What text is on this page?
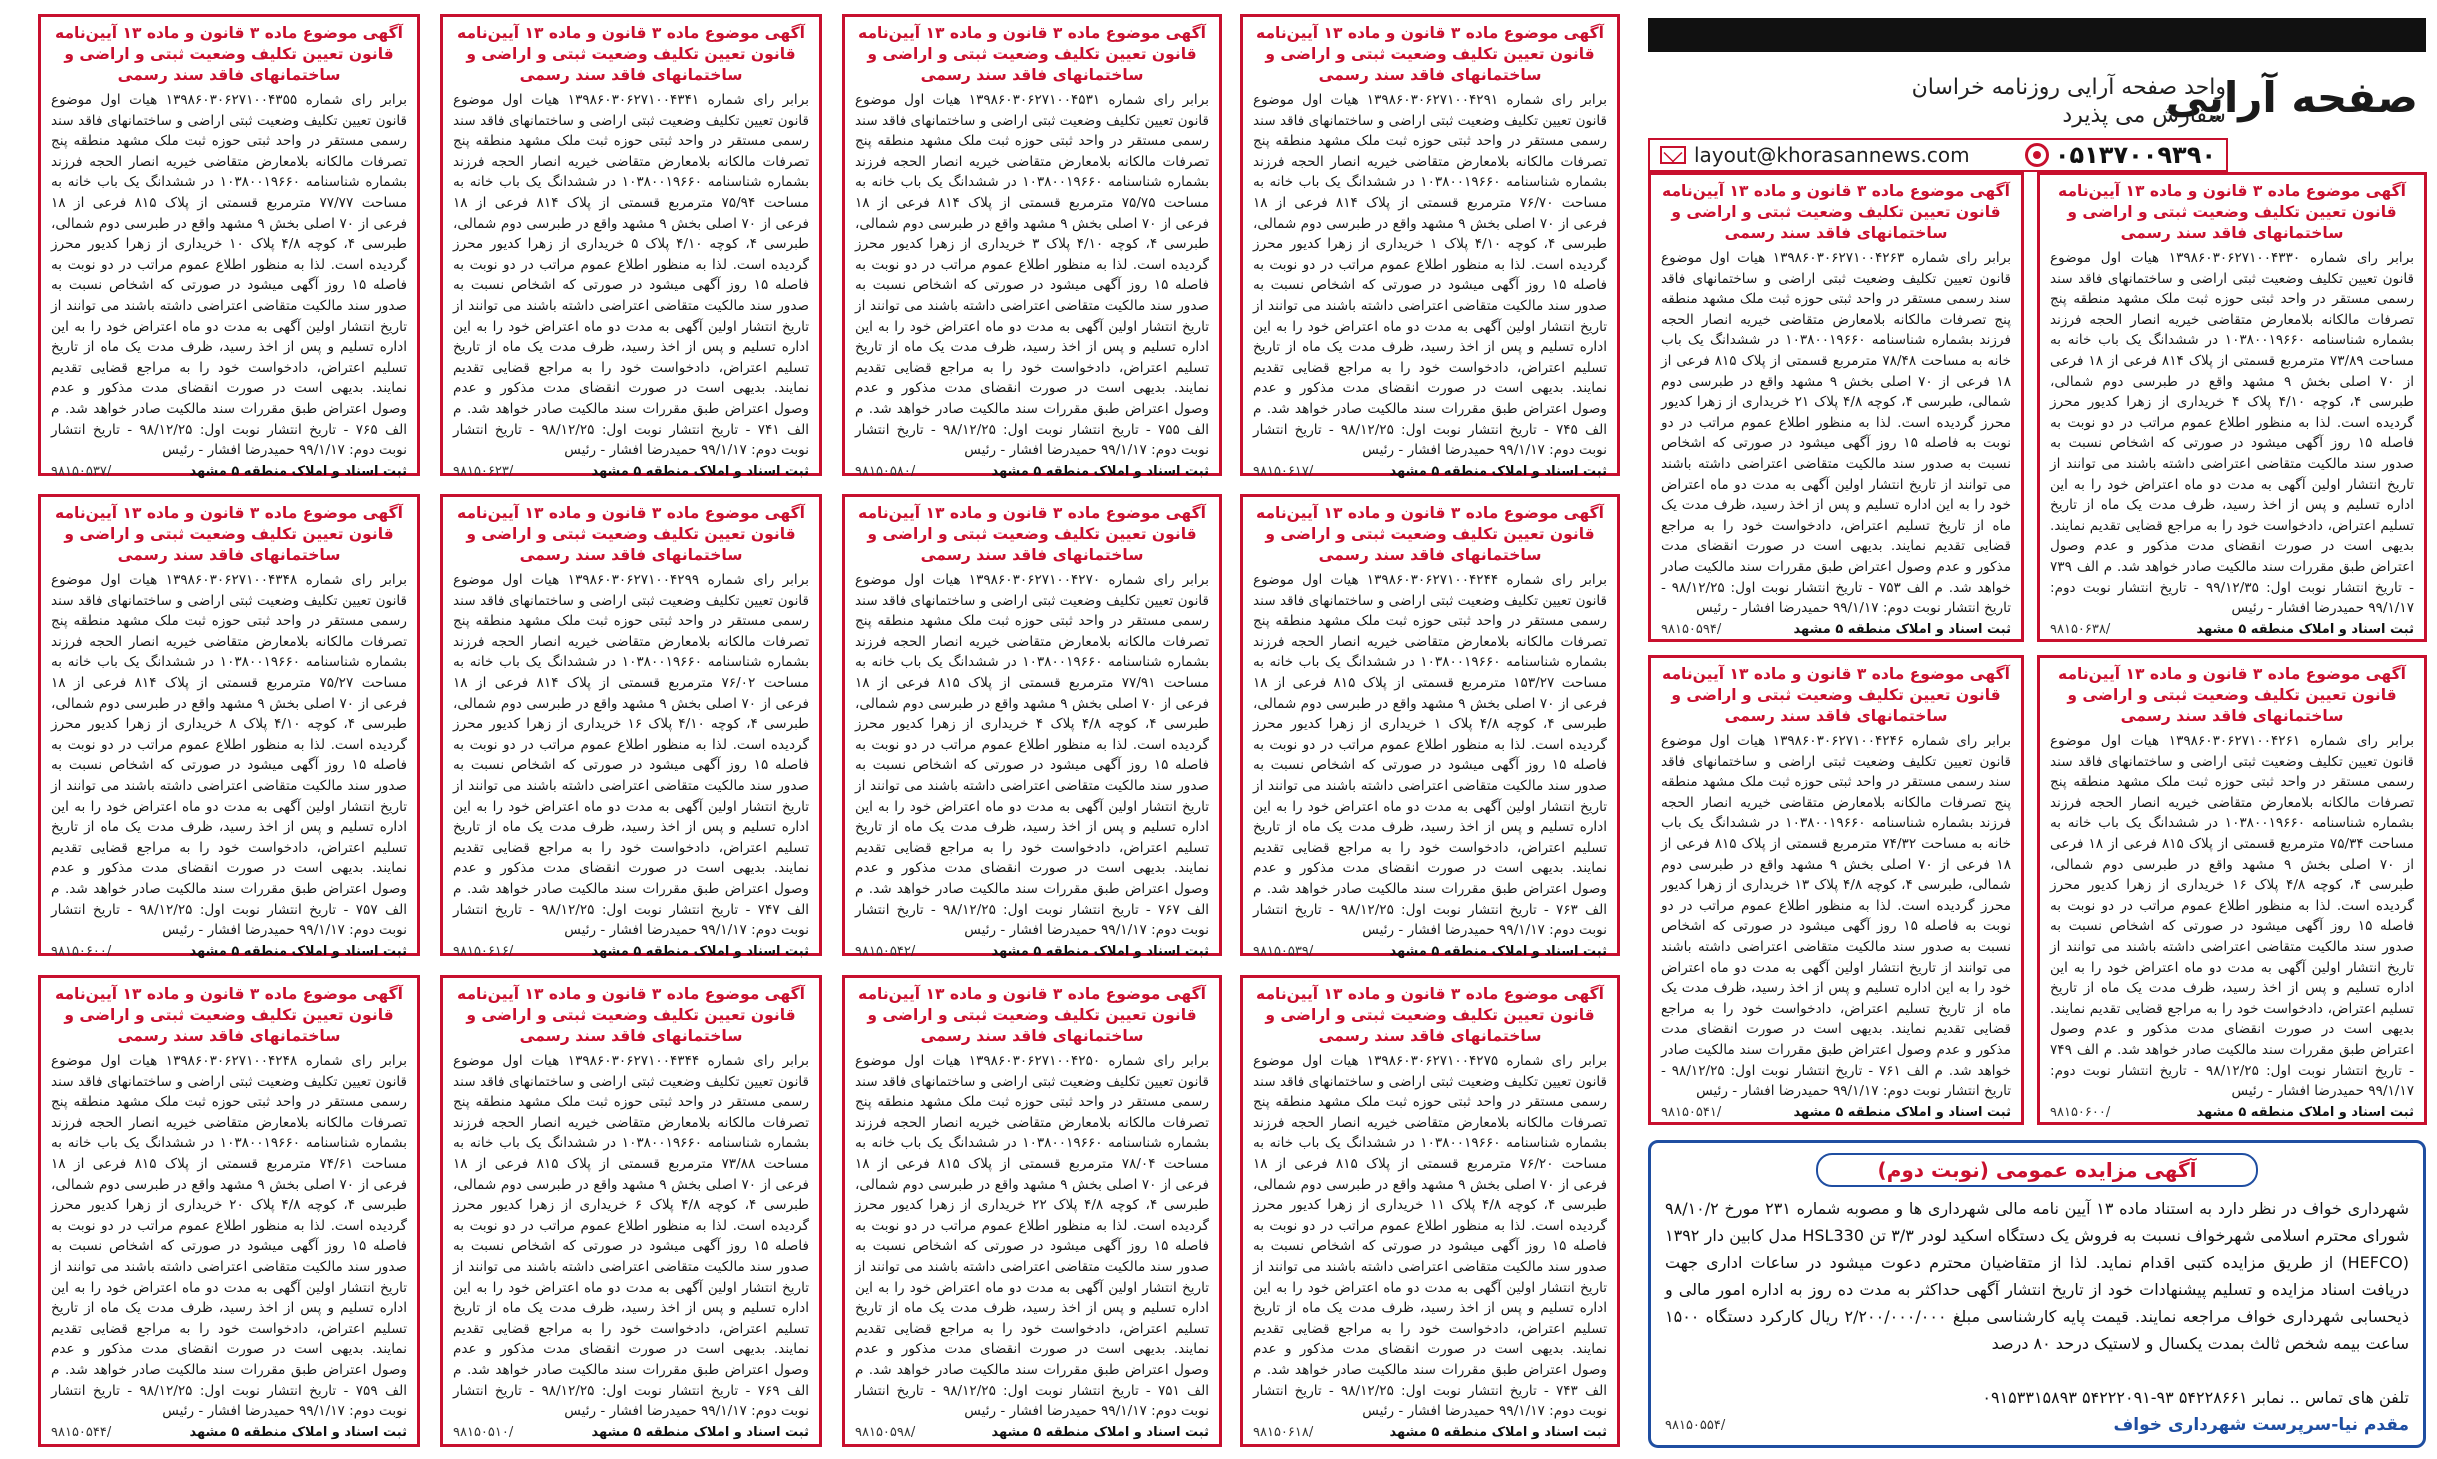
صفحه آرایی
واحد صفحه آرایی روزنامه خراسان
سفارش می پذیرد
layout@khorasannews.com	۰۵۱۳۷۰۰۹۳۹۰
آگهی موضوع ماده ۳ قانون و ماده ۱۳ آیین‌نامه قانون تعیین تکلیف وضعیت ثبتی و اراضی و ساختمانهای فاقد سند رسمی
برابر رای شماره ۱۳۹۸۶۰۳۰۶۲۷۱۰۰۴۳۳۰ هیات اول موضوع قانون تعیین تکلیف وضعیت ثبتی اراضی و ساختمانهای فاقد سند رسمی مستقر در واحد ثبتی حوزه ثبت ملک مشهد منطقه پنج تصرفات مالکانه بلامعارض متقاضی خیریه انصار الحجه فرزند بشماره شناسنامه ۱۰۳۸۰۰۱۹۶۶۰ در ششدانگ یک باب خانه به مساحت ۷۳/۸۹ مترمربع قسمتی از پلاک ۸۱۴ فرعی از ۱۸ فرعی از ۷۰ اصلی بخش ۹ مشهد واقع در طبرسی دوم شمالی، طبرسی ۴، کوچه ۴/۱۰ پلاک ۴ خریداری از زهرا کدیور محرز گردیده است. لذا به منظور اطلاع عموم مراتب در دو نوبت به فاصله ۱۵ روز آگهی میشود در صورتی که اشخاص نسبت به صدور سند مالکیت متقاضی اعتراضی داشته باشند می توانند از تاریخ انتشار اولین آگهی به مدت دو ماه اعتراض خود را به این اداره تسلیم و پس از اخذ رسید، ظرف مدت یک ماه از تاریخ تسلیم اعتراض، دادخواست خود را به مراجع قضایی تقدیم نمایند. بدیهی است در صورت انقضای مدت مذکور و عدم وصول اعتراض طبق مقررات سند مالکیت صادر خواهد شد. م الف ۷۳۹ - تاریخ انتشار نوبت اول: ۹۹/۱۲/۳۵ - تاریخ انتشار نوبت دوم: ۹۹/۱/۱۷ حمیدرضا افشار - رئیس
ثبت اسناد و املاک منطقه ۵ مشهد
۹۸۱۵۰۶۳۸/
آگهی موضوع ماده ۳ قانون و ماده ۱۳ آیین‌نامه قانون تعیین تکلیف وضعیت ثبتی و اراضی و ساختمانهای فاقد سند رسمی
برابر رای شماره ۱۳۹۸۶۰۳۰۶۲۷۱۰۰۴۲۶۳ هیات اول موضوع قانون تعیین تکلیف وضعیت ثبتی اراضی و ساختمانهای فاقد سند رسمی مستقر در واحد ثبتی حوزه ثبت ملک مشهد منطقه پنج تصرفات مالکانه بلامعارض متقاضی خیریه انصار الحجه فرزند بشماره شناسنامه ۱۰۳۸۰۰۱۹۶۶۰ در ششدانگ یک باب خانه به مساحت ۷۸/۴۸ مترمربع قسمتی از پلاک ۸۱۵ فرعی از ۱۸ فرعی از ۷۰ اصلی بخش ۹ مشهد واقع در طبرسی دوم شمالی، طبرسی ۴، کوچه ۴/۸ پلاک ۲۱ خریداری از زهرا کدیور محرز گردیده است. لذا به منظور اطلاع عموم مراتب در دو نوبت به فاصله ۱۵ روز آگهی میشود در صورتی که اشخاص نسبت به صدور سند مالکیت متقاضی اعتراضی داشته باشند می توانند از تاریخ انتشار اولین آگهی به مدت دو ماه اعتراض خود را به این اداره تسلیم و پس از اخذ رسید، ظرف مدت یک ماه از تاریخ تسلیم اعتراض، دادخواست خود را به مراجع قضایی تقدیم نمایند. بدیهی است در صورت انقضای مدت مذکور و عدم وصول اعتراض طبق مقررات سند مالکیت صادر خواهد شد. م الف ۷۵۳ - تاریخ انتشار نوبت اول: ۹۸/۱۲/۲۵ - تاریخ انتشار نوبت دوم: ۹۹/۱/۱۷ حمیدرضا افشار - رئیس
ثبت اسناد و املاک منطقه ۵ مشهد
۹۸۱۵۰۵۹۴/
آگهی موضوع ماده ۳ قانون و ماده ۱۳ آیین‌نامه قانون تعیین تکلیف وضعیت ثبتی و اراضی و ساختمانهای فاقد سند رسمی
برابر رای شماره ۱۳۹۸۶۰۳۰۶۲۷۱۰۰۴۲۶۱ هیات اول موضوع قانون تعیین تکلیف وضعیت ثبتی اراضی و ساختمانهای فاقد سند رسمی مستقر در واحد ثبتی حوزه ثبت ملک مشهد منطقه پنج تصرفات مالکانه بلامعارض متقاضی خیریه انصار الحجه فرزند بشماره شناسنامه ۱۰۳۸۰۰۱۹۶۶۰ در ششدانگ یک باب خانه به مساحت ۷۵/۳۴ مترمربع قسمتی از پلاک ۸۱۵ فرعی از ۱۸ فرعی از ۷۰ اصلی بخش ۹ مشهد واقع در طبرسی دوم شمالی، طبرسی ۴، کوچه ۴/۸ پلاک ۱۶ خریداری از زهرا کدیور محرز گردیده است. لذا به منظور اطلاع عموم مراتب در دو نوبت به فاصله ۱۵ روز آگهی میشود در صورتی که اشخاص نسبت به صدور سند مالکیت متقاضی اعتراضی داشته باشند می توانند از تاریخ انتشار اولین آگهی به مدت دو ماه اعتراض خود را به این اداره تسلیم و پس از اخذ رسید، ظرف مدت یک ماه از تاریخ تسلیم اعتراض، دادخواست خود را به مراجع قضایی تقدیم نمایند. بدیهی است در صورت انقضای مدت مذکور و عدم وصول اعتراض طبق مقررات سند مالکیت صادر خواهد شد. م الف ۷۴۹ - تاریخ انتشار نوبت اول: ۹۸/۱۲/۲۵ - تاریخ انتشار نوبت دوم: ۹۹/۱/۱۷ حمیدرضا افشار - رئیس
ثبت اسناد و املاک منطقه ۵ مشهد
۹۸۱۵۰۶۰۰/
آگهی موضوع ماده ۳ قانون و ماده ۱۳ آیین‌نامه قانون تعیین تکلیف وضعیت ثبتی و اراضی و ساختمانهای فاقد سند رسمی
برابر رای شماره ۱۳۹۸۶۰۳۰۶۲۷۱۰۰۴۲۴۶ هیات اول موضوع قانون تعیین تکلیف وضعیت ثبتی اراضی و ساختمانهای فاقد سند رسمی مستقر در واحد ثبتی حوزه ثبت ملک مشهد منطقه پنج تصرفات مالکانه بلامعارض متقاضی خیریه انصار الحجه فرزند بشماره شناسنامه ۱۰۳۸۰۰۱۹۶۶۰ در ششدانگ یک باب خانه به مساحت ۷۴/۳۲ مترمربع قسمتی از پلاک ۸۱۵ فرعی از ۱۸ فرعی از ۷۰ اصلی بخش ۹ مشهد واقع در طبرسی دوم شمالی، طبرسی ۴، کوچه ۴/۸ پلاک ۱۳ خریداری از زهرا کدیور محرز گردیده است. لذا به منظور اطلاع عموم مراتب در دو نوبت به فاصله ۱۵ روز آگهی میشود در صورتی که اشخاص نسبت به صدور سند مالکیت متقاضی اعتراضی داشته باشند می توانند از تاریخ انتشار اولین آگهی به مدت دو ماه اعتراض خود را به این اداره تسلیم و پس از اخذ رسید، ظرف مدت یک ماه از تاریخ تسلیم اعتراض، دادخواست خود را به مراجع قضایی تقدیم نمایند. بدیهی است در صورت انقضای مدت مذکور و عدم وصول اعتراض طبق مقررات سند مالکیت صادر خواهد شد. م الف ۷۶۱ - تاریخ انتشار نوبت اول: ۹۸/۱۲/۲۵ - تاریخ انتشار نوبت دوم: ۹۹/۱/۱۷ حمیدرضا افشار - رئیس
ثبت اسناد و املاک منطقه ۵ مشهد
۹۸۱۵۰۵۴۱/
آگهی موضوع ماده ۳ قانون و ماده ۱۳ آیین‌نامه قانون تعیین تکلیف وضعیت ثبتی و اراضی و ساختمانهای فاقد سند رسمی
برابر رای شماره ۱۳۹۸۶۰۳۰۶۲۷۱۰۰۴۲۹۱ هیات اول موضوع قانون تعیین تکلیف وضعیت ثبتی اراضی و ساختمانهای فاقد سند رسمی مستقر در واحد ثبتی حوزه ثبت ملک مشهد منطقه پنج تصرفات مالکانه بلامعارض متقاضی خیریه انصار الحجه فرزند بشماره شناسنامه ۱۰۳۸۰۰۱۹۶۶۰ در ششدانگ یک باب خانه به مساحت ۷۶/۷۰ مترمربع قسمتی از پلاک ۸۱۴ فرعی از ۱۸ فرعی از ۷۰ اصلی بخش ۹ مشهد واقع در طبرسی دوم شمالی، طبرسی ۴، کوچه ۴/۱۰ پلاک ۱ خریداری از زهرا کدیور محرز گردیده است. لذا به منظور اطلاع عموم مراتب در دو نوبت به فاصله ۱۵ روز آگهی میشود در صورتی که اشخاص نسبت به صدور سند مالکیت متقاضی اعتراضی داشته باشند می توانند از تاریخ انتشار اولین آگهی به مدت دو ماه اعتراض خود را به این اداره تسلیم و پس از اخذ رسید، ظرف مدت یک ماه از تاریخ تسلیم اعتراض، دادخواست خود را به مراجع قضایی تقدیم نمایند. بدیهی است در صورت انقضای مدت مذکور و عدم وصول اعتراض طبق مقررات سند مالکیت صادر خواهد شد. م الف ۷۴۵ - تاریخ انتشار نوبت اول: ۹۸/۱۲/۲۵ - تاریخ انتشار نوبت دوم: ۹۹/۱/۱۷ حمیدرضا افشار - رئیس
ثبت اسناد و املاک منطقه ۵ مشهد
۹۸۱۵۰۶۱۷/
آگهی موضوع ماده ۳ قانون و ماده ۱۳ آیین‌نامه قانون تعیین تکلیف وضعیت ثبتی و اراضی و ساختمانهای فاقد سند رسمی
برابر رای شماره ۱۳۹۸۶۰۳۰۶۲۷۱۰۰۴۵۳۱ هیات اول موضوع قانون تعیین تکلیف وضعیت ثبتی اراضی و ساختمانهای فاقد سند رسمی مستقر در واحد ثبتی حوزه ثبت ملک مشهد منطقه پنج تصرفات مالکانه بلامعارض متقاضی خیریه انصار الحجه فرزند بشماره شناسنامه ۱۰۳۸۰۰۱۹۶۶۰ در ششدانگ یک باب خانه به مساحت ۷۵/۷۵ مترمربع قسمتی از پلاک ۸۱۴ فرعی از ۱۸ فرعی از ۷۰ اصلی بخش ۹ مشهد واقع در طبرسی دوم شمالی، طبرسی ۴، کوچه ۴/۱۰ پلاک ۳ خریداری از زهرا کدیور محرز گردیده است. لذا به منظور اطلاع عموم مراتب در دو نوبت به فاصله ۱۵ روز آگهی میشود در صورتی که اشخاص نسبت به صدور سند مالکیت متقاضی اعتراضی داشته باشند می توانند از تاریخ انتشار اولین آگهی به مدت دو ماه اعتراض خود را به این اداره تسلیم و پس از اخذ رسید، ظرف مدت یک ماه از تاریخ تسلیم اعتراض، دادخواست خود را به مراجع قضایی تقدیم نمایند. بدیهی است در صورت انقضای مدت مذکور و عدم وصول اعتراض طبق مقررات سند مالکیت صادر خواهد شد. م الف ۷۵۵ - تاریخ انتشار نوبت اول: ۹۸/۱۲/۲۵ - تاریخ انتشار نوبت دوم: ۹۹/۱/۱۷ حمیدرضا افشار - رئیس
ثبت اسناد و املاک منطقه ۵ مشهد
۹۸۱۵۰۵۸۰/
آگهی موضوع ماده ۳ قانون و ماده ۱۳ آیین‌نامه قانون تعیین تکلیف وضعیت ثبتی و اراضی و ساختمانهای فاقد سند رسمی
برابر رای شماره ۱۳۹۸۶۰۳۰۶۲۷۱۰۰۴۳۴۱ هیات اول موضوع قانون تعیین تکلیف وضعیت ثبتی اراضی و ساختمانهای فاقد سند رسمی مستقر در واحد ثبتی حوزه ثبت ملک مشهد منطقه پنج تصرفات مالکانه بلامعارض متقاضی خیریه انصار الحجه فرزند بشماره شناسنامه ۱۰۳۸۰۰۱۹۶۶۰ در ششدانگ یک باب خانه به مساحت ۷۵/۹۴ مترمربع قسمتی از پلاک ۸۱۴ فرعی از ۱۸ فرعی از ۷۰ اصلی بخش ۹ مشهد واقع در طبرسی دوم شمالی، طبرسی ۴، کوچه ۴/۱۰ پلاک ۵ خریداری از زهرا کدیور محرز گردیده است. لذا به منظور اطلاع عموم مراتب در دو نوبت به فاصله ۱۵ روز آگهی میشود در صورتی که اشخاص نسبت به صدور سند مالکیت متقاضی اعتراضی داشته باشند می توانند از تاریخ انتشار اولین آگهی به مدت دو ماه اعتراض خود را به این اداره تسلیم و پس از اخذ رسید، ظرف مدت یک ماه از تاریخ تسلیم اعتراض، دادخواست خود را به مراجع قضایی تقدیم نمایند. بدیهی است در صورت انقضای مدت مذکور و عدم وصول اعتراض طبق مقررات سند مالکیت صادر خواهد شد. م الف ۷۴۱ - تاریخ انتشار نوبت اول: ۹۸/۱۲/۲۵ - تاریخ انتشار نوبت دوم: ۹۹/۱/۱۷ حمیدرضا افشار - رئیس
ثبت اسناد و املاک منطقه ۵ مشهد
۹۸۱۵۰۶۲۳/
آگهی موضوع ماده ۳ قانون و ماده ۱۳ آیین‌نامه قانون تعیین تکلیف وضعیت ثبتی و اراضی و ساختمانهای فاقد سند رسمی
برابر رای شماره ۱۳۹۸۶۰۳۰۶۲۷۱۰۰۴۳۵۵ هیات اول موضوع قانون تعیین تکلیف وضعیت ثبتی اراضی و ساختمانهای فاقد سند رسمی مستقر در واحد ثبتی حوزه ثبت ملک مشهد منطقه پنج تصرفات مالکانه بلامعارض متقاضی خیریه انصار الحجه فرزند بشماره شناسنامه ۱۰۳۸۰۰۱۹۶۶۰ در ششدانگ یک باب خانه به مساحت ۷۷/۷۷ مترمربع قسمتی از پلاک ۸۱۵ فرعی از ۱۸ فرعی از ۷۰ اصلی بخش ۹ مشهد واقع در طبرسی دوم شمالی، طبرسی ۴، کوچه ۴/۸ پلاک ۱۰ خریداری از زهرا کدیور محرز گردیده است. لذا به منظور اطلاع عموم مراتب در دو نوبت به فاصله ۱۵ روز آگهی میشود در صورتی که اشخاص نسبت به صدور سند مالکیت متقاضی اعتراضی داشته باشند می توانند از تاریخ انتشار اولین آگهی به مدت دو ماه اعتراض خود را به این اداره تسلیم و پس از اخذ رسید، ظرف مدت یک ماه از تاریخ تسلیم اعتراض، دادخواست خود را به مراجع قضایی تقدیم نمایند. بدیهی است در صورت انقضای مدت مذکور و عدم وصول اعتراض طبق مقررات سند مالکیت صادر خواهد شد. م الف ۷۶۵ - تاریخ انتشار نوبت اول: ۹۸/۱۲/۲۵ - تاریخ انتشار نوبت دوم: ۹۹/۱/۱۷ حمیدرضا افشار - رئیس
ثبت اسناد و املاک منطقه ۵ مشهد
۹۸۱۵۰۵۳۷/
آگهی موضوع ماده ۳ قانون و ماده ۱۳ آیین‌نامه قانون تعیین تکلیف وضعیت ثبتی و اراضی و ساختمانهای فاقد سند رسمی
برابر رای شماره ۱۳۹۸۶۰۳۰۶۲۷۱۰۰۴۲۴۴ هیات اول موضوع قانون تعیین تکلیف وضعیت ثبتی اراضی و ساختمانهای فاقد سند رسمی مستقر در واحد ثبتی حوزه ثبت ملک مشهد منطقه پنج تصرفات مالکانه بلامعارض متقاضی خیریه انصار الحجه فرزند بشماره شناسنامه ۱۰۳۸۰۰۱۹۶۶۰ در ششدانگ یک باب خانه به مساحت ۱۵۳/۲۷ مترمربع قسمتی از پلاک ۸۱۵ فرعی از ۱۸ فرعی از ۷۰ اصلی بخش ۹ مشهد واقع در طبرسی دوم شمالی، طبرسی ۴، کوچه ۴/۸ پلاک ۱ خریداری از زهرا کدیور محرز گردیده است. لذا به منظور اطلاع عموم مراتب در دو نوبت به فاصله ۱۵ روز آگهی میشود در صورتی که اشخاص نسبت به صدور سند مالکیت متقاضی اعتراضی داشته باشند می توانند از تاریخ انتشار اولین آگهی به مدت دو ماه اعتراض خود را به این اداره تسلیم و پس از اخذ رسید، ظرف مدت یک ماه از تاریخ تسلیم اعتراض، دادخواست خود را به مراجع قضایی تقدیم نمایند. بدیهی است در صورت انقضای مدت مذکور و عدم وصول اعتراض طبق مقررات سند مالکیت صادر خواهد شد. م الف ۷۶۳ - تاریخ انتشار نوبت اول: ۹۸/۱۲/۲۵ - تاریخ انتشار نوبت دوم: ۹۹/۱/۱۷ حمیدرضا افشار - رئیس
ثبت اسناد و املاک منطقه ۵ مشهد
۹۸۱۵۰۵۳۹/
آگهی موضوع ماده ۳ قانون و ماده ۱۳ آیین‌نامه قانون تعیین تکلیف وضعیت ثبتی و اراضی و ساختمانهای فاقد سند رسمی
برابر رای شماره ۱۳۹۸۶۰۳۰۶۲۷۱۰۰۴۲۷۰ هیات اول موضوع قانون تعیین تکلیف وضعیت ثبتی اراضی و ساختمانهای فاقد سند رسمی مستقر در واحد ثبتی حوزه ثبت ملک مشهد منطقه پنج تصرفات مالکانه بلامعارض متقاضی خیریه انصار الحجه فرزند بشماره شناسنامه ۱۰۳۸۰۰۱۹۶۶۰ در ششدانگ یک باب خانه به مساحت ۷۷/۹۱ مترمربع قسمتی از پلاک ۸۱۵ فرعی از ۱۸ فرعی از ۷۰ اصلی بخش ۹ مشهد واقع در طبرسی دوم شمالی، طبرسی ۴، کوچه ۴/۸ پلاک ۴ خریداری از زهرا کدیور محرز گردیده است. لذا به منظور اطلاع عموم مراتب در دو نوبت به فاصله ۱۵ روز آگهی میشود در صورتی که اشخاص نسبت به صدور سند مالکیت متقاضی اعتراضی داشته باشند می توانند از تاریخ انتشار اولین آگهی به مدت دو ماه اعتراض خود را به این اداره تسلیم و پس از اخذ رسید، ظرف مدت یک ماه از تاریخ تسلیم اعتراض، دادخواست خود را به مراجع قضایی تقدیم نمایند. بدیهی است در صورت انقضای مدت مذکور و عدم وصول اعتراض طبق مقررات سند مالکیت صادر خواهد شد. م الف ۷۶۷ - تاریخ انتشار نوبت اول: ۹۸/۱۲/۲۵ - تاریخ انتشار نوبت دوم: ۹۹/۱/۱۷ حمیدرضا افشار - رئیس
ثبت اسناد و املاک منطقه ۵ مشهد
۹۸۱۵۰۵۴۲/
آگهی موضوع ماده ۳ قانون و ماده ۱۳ آیین‌نامه قانون تعیین تکلیف وضعیت ثبتی و اراضی و ساختمانهای فاقد سند رسمی
برابر رای شماره ۱۳۹۸۶۰۳۰۶۲۷۱۰۰۴۲۹۹ هیات اول موضوع قانون تعیین تکلیف وضعیت ثبتی اراضی و ساختمانهای فاقد سند رسمی مستقر در واحد ثبتی حوزه ثبت ملک مشهد منطقه پنج تصرفات مالکانه بلامعارض متقاضی خیریه انصار الحجه فرزند بشماره شناسنامه ۱۰۳۸۰۰۱۹۶۶۰ در ششدانگ یک باب خانه به مساحت ۷۶/۰۲ مترمربع قسمتی از پلاک ۸۱۴ فرعی از ۱۸ فرعی از ۷۰ اصلی بخش ۹ مشهد واقع در طبرسی دوم شمالی، طبرسی ۴، کوچه ۴/۱۰ پلاک ۱۶ خریداری از زهرا کدیور محرز گردیده است. لذا به منظور اطلاع عموم مراتب در دو نوبت به فاصله ۱۵ روز آگهی میشود در صورتی که اشخاص نسبت به صدور سند مالکیت متقاضی اعتراضی داشته باشند می توانند از تاریخ انتشار اولین آگهی به مدت دو ماه اعتراض خود را به این اداره تسلیم و پس از اخذ رسید، ظرف مدت یک ماه از تاریخ تسلیم اعتراض، دادخواست خود را به مراجع قضایی تقدیم نمایند. بدیهی است در صورت انقضای مدت مذکور و عدم وصول اعتراض طبق مقررات سند مالکیت صادر خواهد شد. م الف ۷۴۷ - تاریخ انتشار نوبت اول: ۹۸/۱۲/۲۵ - تاریخ انتشار نوبت دوم: ۹۹/۱/۱۷ حمیدرضا افشار - رئیس
ثبت اسناد و املاک منطقه ۵ مشهد
۹۸۱۵۰۶۱۶/
آگهی موضوع ماده ۳ قانون و ماده ۱۳ آیین‌نامه قانون تعیین تکلیف وضعیت ثبتی و اراضی و ساختمانهای فاقد سند رسمی
برابر رای شماره ۱۳۹۸۶۰۳۰۶۲۷۱۰۰۴۳۴۸ هیات اول موضوع قانون تعیین تکلیف وضعیت ثبتی اراضی و ساختمانهای فاقد سند رسمی مستقر در واحد ثبتی حوزه ثبت ملک مشهد منطقه پنج تصرفات مالکانه بلامعارض متقاضی خیریه انصار الحجه فرزند بشماره شناسنامه ۱۰۳۸۰۰۱۹۶۶۰ در ششدانگ یک باب خانه به مساحت ۷۵/۲۷ مترمربع قسمتی از پلاک ۸۱۴ فرعی از ۱۸ فرعی از ۷۰ اصلی بخش ۹ مشهد واقع در طبرسی دوم شمالی، طبرسی ۴، کوچه ۴/۱۰ پلاک ۸ خریداری از زهرا کدیور محرز گردیده است. لذا به منظور اطلاع عموم مراتب در دو نوبت به فاصله ۱۵ روز آگهی میشود در صورتی که اشخاص نسبت به صدور سند مالکیت متقاضی اعتراضی داشته باشند می توانند از تاریخ انتشار اولین آگهی به مدت دو ماه اعتراض خود را به این اداره تسلیم و پس از اخذ رسید، ظرف مدت یک ماه از تاریخ تسلیم اعتراض، دادخواست خود را به مراجع قضایی تقدیم نمایند. بدیهی است در صورت انقضای مدت مذکور و عدم وصول اعتراض طبق مقررات سند مالکیت صادر خواهد شد. م الف ۷۵۷ - تاریخ انتشار نوبت اول: ۹۸/۱۲/۲۵ - تاریخ انتشار نوبت دوم: ۹۹/۱/۱۷ حمیدرضا افشار - رئیس
ثبت اسناد و املاک منطقه ۵ مشهد
۹۸۱۵۰۶۰۰/
آگهی موضوع ماده ۳ قانون و ماده ۱۳ آیین‌نامه قانون تعیین تکلیف وضعیت ثبتی و اراضی و ساختمانهای فاقد سند رسمی
برابر رای شماره ۱۳۹۸۶۰۳۰۶۲۷۱۰۰۴۲۷۵ هیات اول موضوع قانون تعیین تکلیف وضعیت ثبتی اراضی و ساختمانهای فاقد سند رسمی مستقر در واحد ثبتی حوزه ثبت ملک مشهد منطقه پنج تصرفات مالکانه بلامعارض متقاضی خیریه انصار الحجه فرزند بشماره شناسنامه ۱۰۳۸۰۰۱۹۶۶۰ در ششدانگ یک باب خانه به مساحت ۷۶/۲۰ مترمربع قسمتی از پلاک ۸۱۵ فرعی از ۱۸ فرعی از ۷۰ اصلی بخش ۹ مشهد واقع در طبرسی دوم شمالی، طبرسی ۴، کوچه ۴/۸ پلاک ۱۱ خریداری از زهرا کدیور محرز گردیده است. لذا به منظور اطلاع عموم مراتب در دو نوبت به فاصله ۱۵ روز آگهی میشود در صورتی که اشخاص نسبت به صدور سند مالکیت متقاضی اعتراضی داشته باشند می توانند از تاریخ انتشار اولین آگهی به مدت دو ماه اعتراض خود را به این اداره تسلیم و پس از اخذ رسید، ظرف مدت یک ماه از تاریخ تسلیم اعتراض، دادخواست خود را به مراجع قضایی تقدیم نمایند. بدیهی است در صورت انقضای مدت مذکور و عدم وصول اعتراض طبق مقررات سند مالکیت صادر خواهد شد. م الف ۷۴۳ - تاریخ انتشار نوبت اول: ۹۸/۱۲/۲۵ - تاریخ انتشار نوبت دوم: ۹۹/۱/۱۷ حمیدرضا افشار - رئیس
ثبت اسناد و املاک منطقه ۵ مشهد
۹۸۱۵۰۶۱۸/
آگهی موضوع ماده ۳ قانون و ماده ۱۳ آیین‌نامه قانون تعیین تکلیف وضعیت ثبتی و اراضی و ساختمانهای فاقد سند رسمی
برابر رای شماره ۱۳۹۸۶۰۳۰۶۲۷۱۰۰۴۲۵۰ هیات اول موضوع قانون تعیین تکلیف وضعیت ثبتی اراضی و ساختمانهای فاقد سند رسمی مستقر در واحد ثبتی حوزه ثبت ملک مشهد منطقه پنج تصرفات مالکانه بلامعارض متقاضی خیریه انصار الحجه فرزند بشماره شناسنامه ۱۰۳۸۰۰۱۹۶۶۰ در ششدانگ یک باب خانه به مساحت ۷۸/۰۴ مترمربع قسمتی از پلاک ۸۱۵ فرعی از ۱۸ فرعی از ۷۰ اصلی بخش ۹ مشهد واقع در طبرسی دوم شمالی، طبرسی ۴، کوچه ۴/۸ پلاک ۲۲ خریداری از زهرا کدیور محرز گردیده است. لذا به منظور اطلاع عموم مراتب در دو نوبت به فاصله ۱۵ روز آگهی میشود در صورتی که اشخاص نسبت به صدور سند مالکیت متقاضی اعتراضی داشته باشند می توانند از تاریخ انتشار اولین آگهی به مدت دو ماه اعتراض خود را به این اداره تسلیم و پس از اخذ رسید، ظرف مدت یک ماه از تاریخ تسلیم اعتراض، دادخواست خود را به مراجع قضایی تقدیم نمایند. بدیهی است در صورت انقضای مدت مذکور و عدم وصول اعتراض طبق مقررات سند مالکیت صادر خواهد شد. م الف ۷۵۱ - تاریخ انتشار نوبت اول: ۹۸/۱۲/۲۵ - تاریخ انتشار نوبت دوم: ۹۹/۱/۱۷ حمیدرضا افشار - رئیس
ثبت اسناد و املاک منطقه ۵ مشهد
۹۸۱۵۰۵۹۸/
آگهی موضوع ماده ۳ قانون و ماده ۱۳ آیین‌نامه قانون تعیین تکلیف وضعیت ثبتی و اراضی و ساختمانهای فاقد سند رسمی
برابر رای شماره ۱۳۹۸۶۰۳۰۶۲۷۱۰۰۴۳۴۴ هیات اول موضوع قانون تعیین تکلیف وضعیت ثبتی اراضی و ساختمانهای فاقد سند رسمی مستقر در واحد ثبتی حوزه ثبت ملک مشهد منطقه پنج تصرفات مالکانه بلامعارض متقاضی خیریه انصار الحجه فرزند بشماره شناسنامه ۱۰۳۸۰۰۱۹۶۶۰ در ششدانگ یک باب خانه به مساحت ۷۳/۸۸ مترمربع قسمتی از پلاک ۸۱۵ فرعی از ۱۸ فرعی از ۷۰ اصلی بخش ۹ مشهد واقع در طبرسی دوم شمالی، طبرسی ۴، کوچه ۴/۸ پلاک ۶ خریداری از زهرا کدیور محرز گردیده است. لذا به منظور اطلاع عموم مراتب در دو نوبت به فاصله ۱۵ روز آگهی میشود در صورتی که اشخاص نسبت به صدور سند مالکیت متقاضی اعتراضی داشته باشند می توانند از تاریخ انتشار اولین آگهی به مدت دو ماه اعتراض خود را به این اداره تسلیم و پس از اخذ رسید، ظرف مدت یک ماه از تاریخ تسلیم اعتراض، دادخواست خود را به مراجع قضایی تقدیم نمایند. بدیهی است در صورت انقضای مدت مذکور و عدم وصول اعتراض طبق مقررات سند مالکیت صادر خواهد شد. م الف ۷۶۹ - تاریخ انتشار نوبت اول: ۹۸/۱۲/۲۵ - تاریخ انتشار نوبت دوم: ۹۹/۱/۱۷ حمیدرضا افشار - رئیس
ثبت اسناد و املاک منطقه ۵ مشهد
۹۸۱۵۰۵۱۰/
آگهی موضوع ماده ۳ قانون و ماده ۱۳ آیین‌نامه قانون تعیین تکلیف وضعیت ثبتی و اراضی و ساختمانهای فاقد سند رسمی
برابر رای شماره ۱۳۹۸۶۰۳۰۶۲۷۱۰۰۴۲۴۸ هیات اول موضوع قانون تعیین تکلیف وضعیت ثبتی اراضی و ساختمانهای فاقد سند رسمی مستقر در واحد ثبتی حوزه ثبت ملک مشهد منطقه پنج تصرفات مالکانه بلامعارض متقاضی خیریه انصار الحجه فرزند بشماره شناسنامه ۱۰۳۸۰۰۱۹۶۶۰ در ششدانگ یک باب خانه به مساحت ۷۴/۶۱ مترمربع قسمتی از پلاک ۸۱۵ فرعی از ۱۸ فرعی از ۷۰ اصلی بخش ۹ مشهد واقع در طبرسی دوم شمالی، طبرسی ۴، کوچه ۴/۸ پلاک ۲۰ خریداری از زهرا کدیور محرز گردیده است. لذا به منظور اطلاع عموم مراتب در دو نوبت به فاصله ۱۵ روز آگهی میشود در صورتی که اشخاص نسبت به صدور سند مالکیت متقاضی اعتراضی داشته باشند می توانند از تاریخ انتشار اولین آگهی به مدت دو ماه اعتراض خود را به این اداره تسلیم و پس از اخذ رسید، ظرف مدت یک ماه از تاریخ تسلیم اعتراض، دادخواست خود را به مراجع قضایی تقدیم نمایند. بدیهی است در صورت انقضای مدت مذکور و عدم وصول اعتراض طبق مقررات سند مالکیت صادر خواهد شد. م الف ۷۵۹ - تاریخ انتشار نوبت اول: ۹۸/۱۲/۲۵ - تاریخ انتشار نوبت دوم: ۹۹/۱/۱۷ حمیدرضا افشار - رئیس
ثبت اسناد و املاک منطقه ۵ مشهد
۹۸۱۵۰۵۴۴/
آگهی مزایده عمومی (نوبت دوم)
شهرداری خواف در نظر دارد به استناد ماده ۱۳ آیین نامه مالی شهرداری ها و مصوبه شماره ۲۳۱ مورخ ۹۸/۱۰/۲ شورای محترم اسلامی شهرخواف نسبت به فروش یک دستگاه اسکید لودر ۳/۳ تن HSL330 مدل کابین دار ۱۳۹۲ (HEFCO) از طریق مزایده کتبی اقدام نماید. لذا از متقاضیان محترم دعوت میشود در ساعات اداری جهت دریافت اسناد مزایده و تسلیم پیشنهادات خود از تاریخ انتشار آگهی حداکثر به مدت ده روز به اداره امور مالی و ذیحسابی شهرداری خواف مراجعه نمایند. قیمت پایه کارشناسی مبلغ ۲/۲۰۰/۰۰۰/۰۰۰ ریال کارکرد دستگاه ۱۵۰۰ ساعت بیمه شخص ثالث بمدت یکسال و لاستیک درحد ۸۰ درصد
تلفن های تماس .. نمابر ۵۴۲۲۸۶۶۱ ۹۳-۵۴۲۲۲۰۹۱ ۰۹۱۵۳۳۱۵۸۹۳
مقدم نیا-سرپرست شهرداری خواف
۹۸۱۵۰۵۵۴/
